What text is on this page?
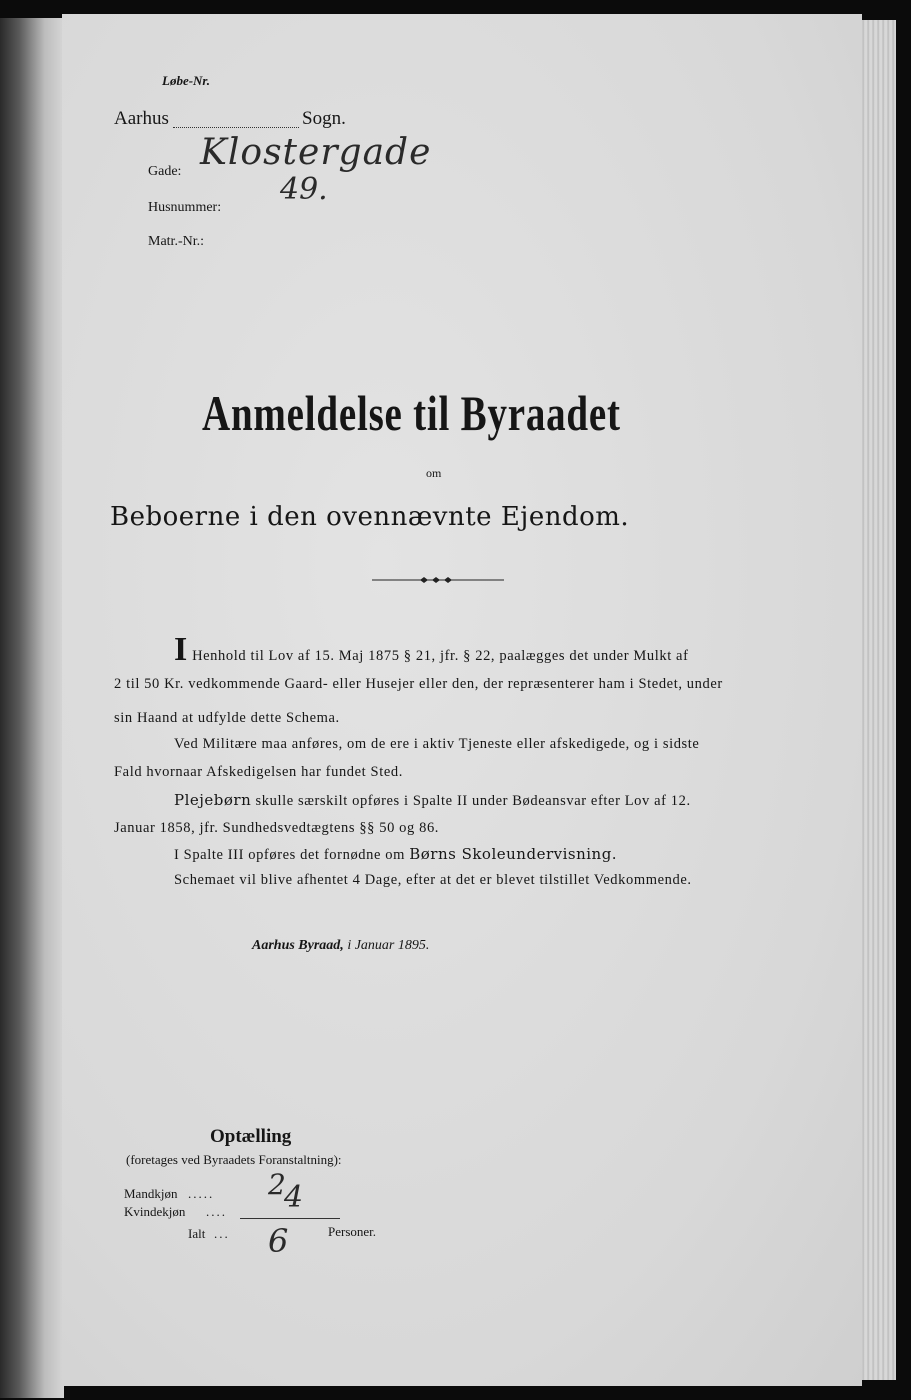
Løbe-Nr.
Aarhus	Sogn.
Gade: Klostergade
Husnummer:
49.
Matr.-Nr.:
Anmeldelse til Byraadet
om
Beboerne i den ovennævnte Ejendom.
I Henhold til Lov af 15. Maj 1875 § 21, jfr. § 22, paalægges det under Mulkt af
2 til 50 Kr. vedkommende Gaard- eller Husejer eller den, der repræsenterer ham i Stedet, under
sin Haand at udfylde dette Schema.
Ved Militære maa anføres, om de ere i aktiv Tjeneste eller afskedigede, og i sidste
Fald hvornaar Afskedigelsen har fundet Sted.
Plejebørn skulle særskilt opføres i Spalte II under Bødeansvar efter Lov af 12.
Januar 1858, jfr. Sundhedsvedtægtens §§ 50 og 86.
I Spalte III opføres det fornødne om Børns Skoleundervisning.
Schemaet vil blive afhentet 4 Dage, efter at det er blevet tilstillet Vedkommende.
Aarhus Byraad, i Januar 1895.
Optælling
(foretages ved Byraadets Foranstaltning):
Mandkjøn ..... 2
Kvindekjøn .... 4
Ialt ... 6	Personer.
